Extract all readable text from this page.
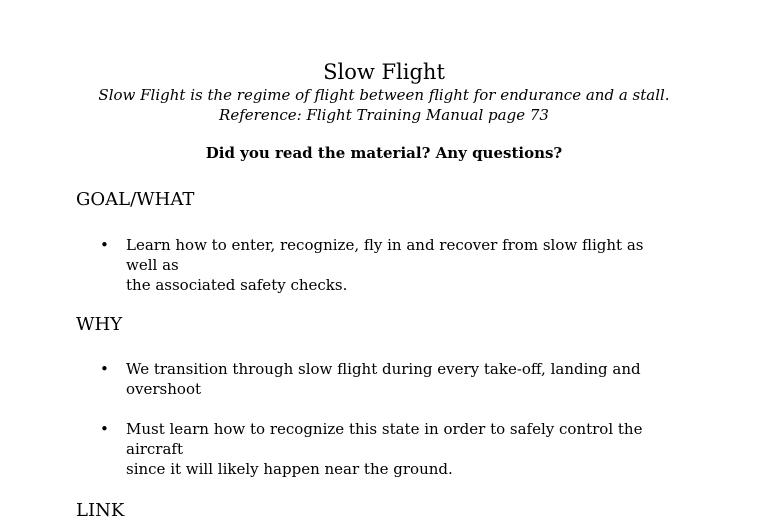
Slow Flight
Slow Flight is the regime of flight between flight for endurance and a stall.
Reference: Flight Training Manual page 73
Did you read the material? Any questions?
GOAL/WHAT
• Learn how to enter, recognize, fly in and recover from slow flight as well as
the associated safety checks.
WHY
• We transition through slow flight during every take-off, landing and
overshoot
• Must learn how to recognize this state in order to safely control the aircraft
since it will likely happen near the ground.
LINK
